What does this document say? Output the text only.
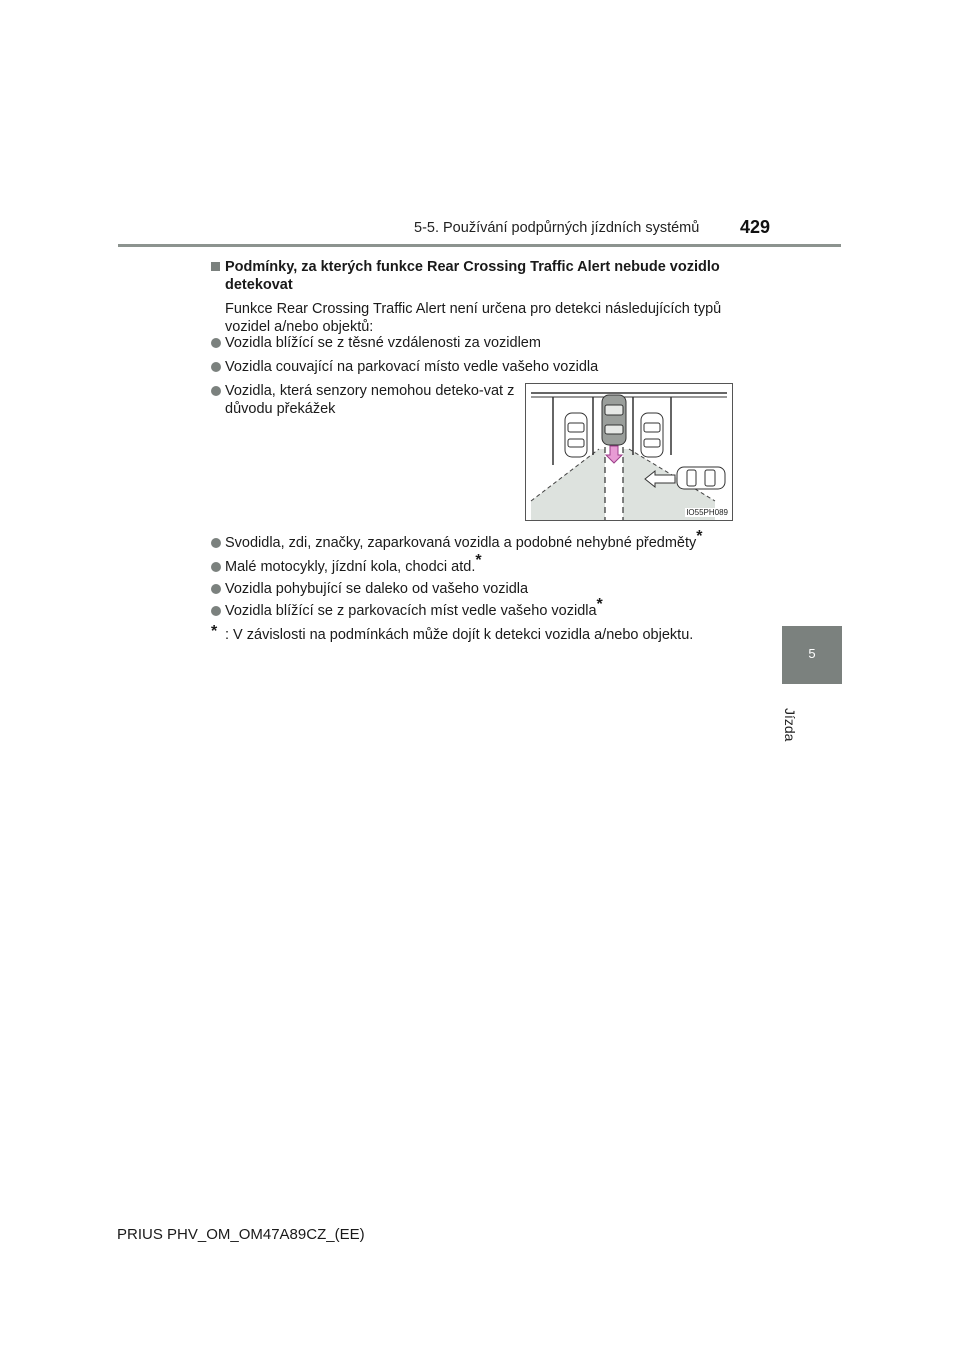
5-5. Používání podpůrných jízdních systémů 429
5
Jízda
Podmínky, za kterých funkce Rear Crossing Traffic Alert nebude vozidlo detekovat
Funkce Rear Crossing Traffic Alert není určena pro detekci následujících typů vozidel a/nebo objektů:
Vozidla blížící se z těsné vzdálenosti za vozidlem
Vozidla couvající na parkovací místo vedle vašeho vozidla
Vozidla, která senzory nemohou deteko-vat z důvodu překážek
Svodidla, zdi, značky, zaparkovaná vozidla a podobné nehybné předměty*
Malé motocykly, jízdní kola, chodci atd.*
Vozidla pohybující se daleko od vašeho vozidla
Vozidla blížící se z parkovacích míst vedle vašeho vozidla*
* : V závislosti na podmínkách může dojít k detekci vozidla a/nebo objektu.
IO55PH089
PRIUS PHV_OM_OM47A89CZ_(EE)
